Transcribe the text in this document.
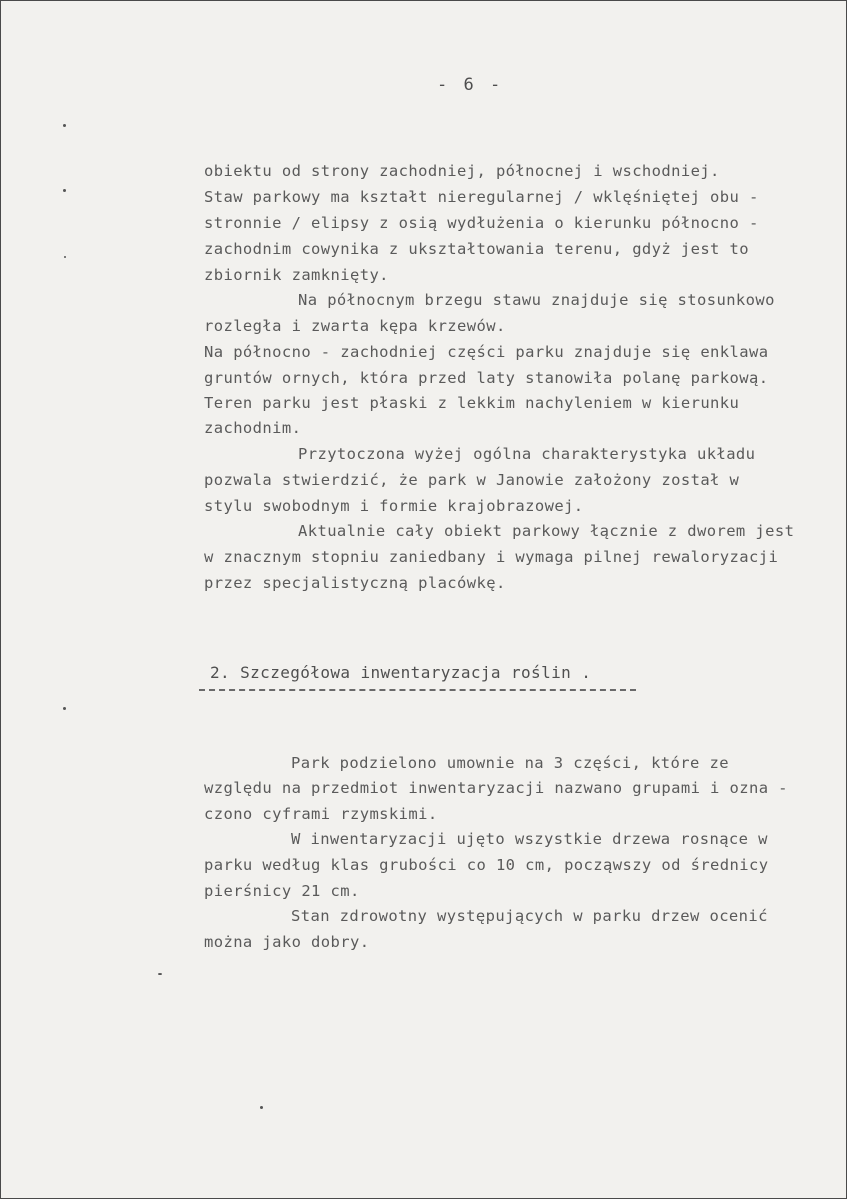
- 6 -
obiektu od strony zachodniej, północnej i wschodniej.
Staw parkowy ma kształt nieregularnej / wklęśniętej obu -
stronnie / elipsy z osią wydłużenia o kierunku północno -
zachodnim cowynika z ukształtowania terenu, gdyż jest to
zbiornik zamknięty.
Na północnym brzegu stawu znajduje się stosunkowo
rozległa i zwarta kępa krzewów.
Na północno - zachodniej części parku znajduje się enklawa
gruntów ornych, która przed laty stanowiła polanę parkową.
Teren parku jest płaski z lekkim nachyleniem w kierunku
zachodnim.
Przytoczona wyżej ogólna charakterystyka układu
pozwala stwierdzić, że park w Janowie założony został w
stylu swobodnym i formie krajobrazowej.
Aktualnie cały obiekt parkowy łącznie z dworem jest
w znacznym stopniu zaniedbany i wymaga pilnej rewaloryzacji
przez specjalistyczną placówkę.
2. Szczegółowa inwentaryzacja roślin .
Park podzielono umownie na 3 części, które ze
względu na przedmiot inwentaryzacji nazwano grupami i ozna -
czono cyframi rzymskimi.
W inwentaryzacji ujęto wszystkie drzewa rosnące w
parku według klas grubości co 10 cm, począwszy od średnicy
pierśnicy 21 cm.
Stan zdrowotny występujących w parku drzew ocenić
można jako dobry.
